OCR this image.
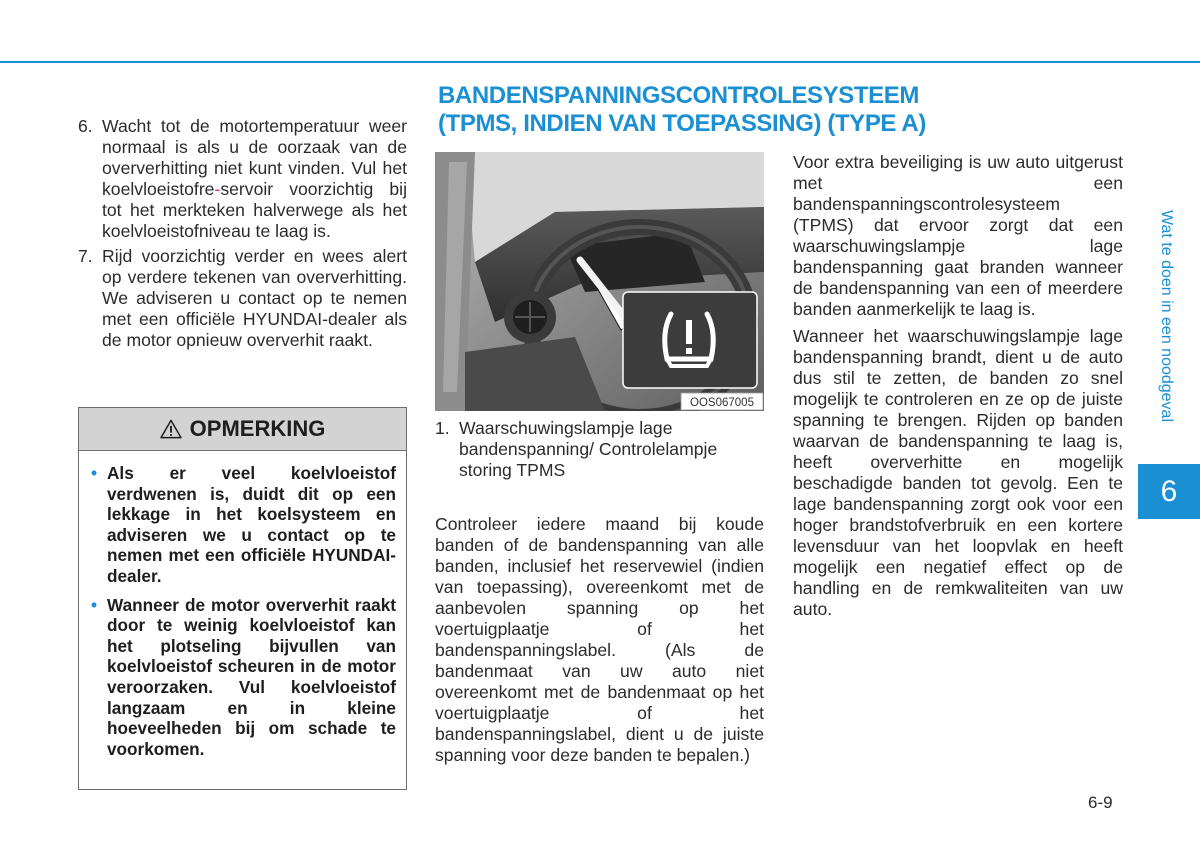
6. Wacht tot de motortemperatuur weer normaal is als u de oorzaak van de oververhitting niet kunt vinden. Vul het koelvloeistofre-servoir voorzichtig bij tot het merkteken halverwege als het koelvloeistofniveau te laag is.
7. Rijd voorzichtig verder en wees alert op verdere tekenen van oververhitting. We adviseren u contact op te nemen met een officiële HYUNDAI-dealer als de motor opnieuw oververhit raakt.
OPMERKING
• Als er veel koelvloeistof verdwenen is, duidt dit op een lekkage in het koelsysteem en adviseren we u contact op te nemen met een officiële HYUNDAI-dealer.
• Wanneer de motor oververhit raakt door te weinig koelvloeistof kan het plotseling bijvullen van koelvloeistof scheuren in de motor veroorzaken. Vul koelvloeistof langzaam en in kleine hoeveelheden bij om schade te voorkomen.
BANDENSPANNINGSCONTROLESYSTEEM
(TPMS, INDIEN VAN TOEPASSING) (TYPE A)
OOS067005
1. Waarschuwingslampje lage bandenspanning/ Controlelampje storing TPMS
Controleer iedere maand bij koude banden of de bandenspanning van alle banden, inclusief het reservewiel (indien van toepassing), overeenkomt met de aanbevolen spanning op het voertuigplaatje of het bandenspanningslabel. (Als de bandenmaat van uw auto niet overeenkomt met de bandenmaat op het voertuigplaatje of het bandenspanningslabel, dient u de juiste spanning voor deze banden te bepalen.)

Voor extra beveiliging is uw auto uitgerust met een bandenspanningscontrolesysteem (TPMS) dat ervoor zorgt dat een waarschuwingslampje lage bandenspanning gaat branden wanneer de bandenspanning van een of meerdere banden aanmerkelijk te laag is.

Wanneer het waarschuwingslampje lage bandenspanning brandt, dient u de auto dus stil te zetten, de banden zo snel mogelijk te controleren en ze op de juiste spanning te brengen. Rijden op banden waarvan de bandenspanning te laag is, heeft oververhitte en mogelijk beschadigde banden tot gevolg. Een te lage bandenspanning zorgt ook voor een hoger brandstofverbruik en een kortere levensduur van het loopvlak en heeft mogelijk een negatief effect op de handling en de remkwaliteiten van uw auto.

Wat te doen in een noodgeval
6
6-9
